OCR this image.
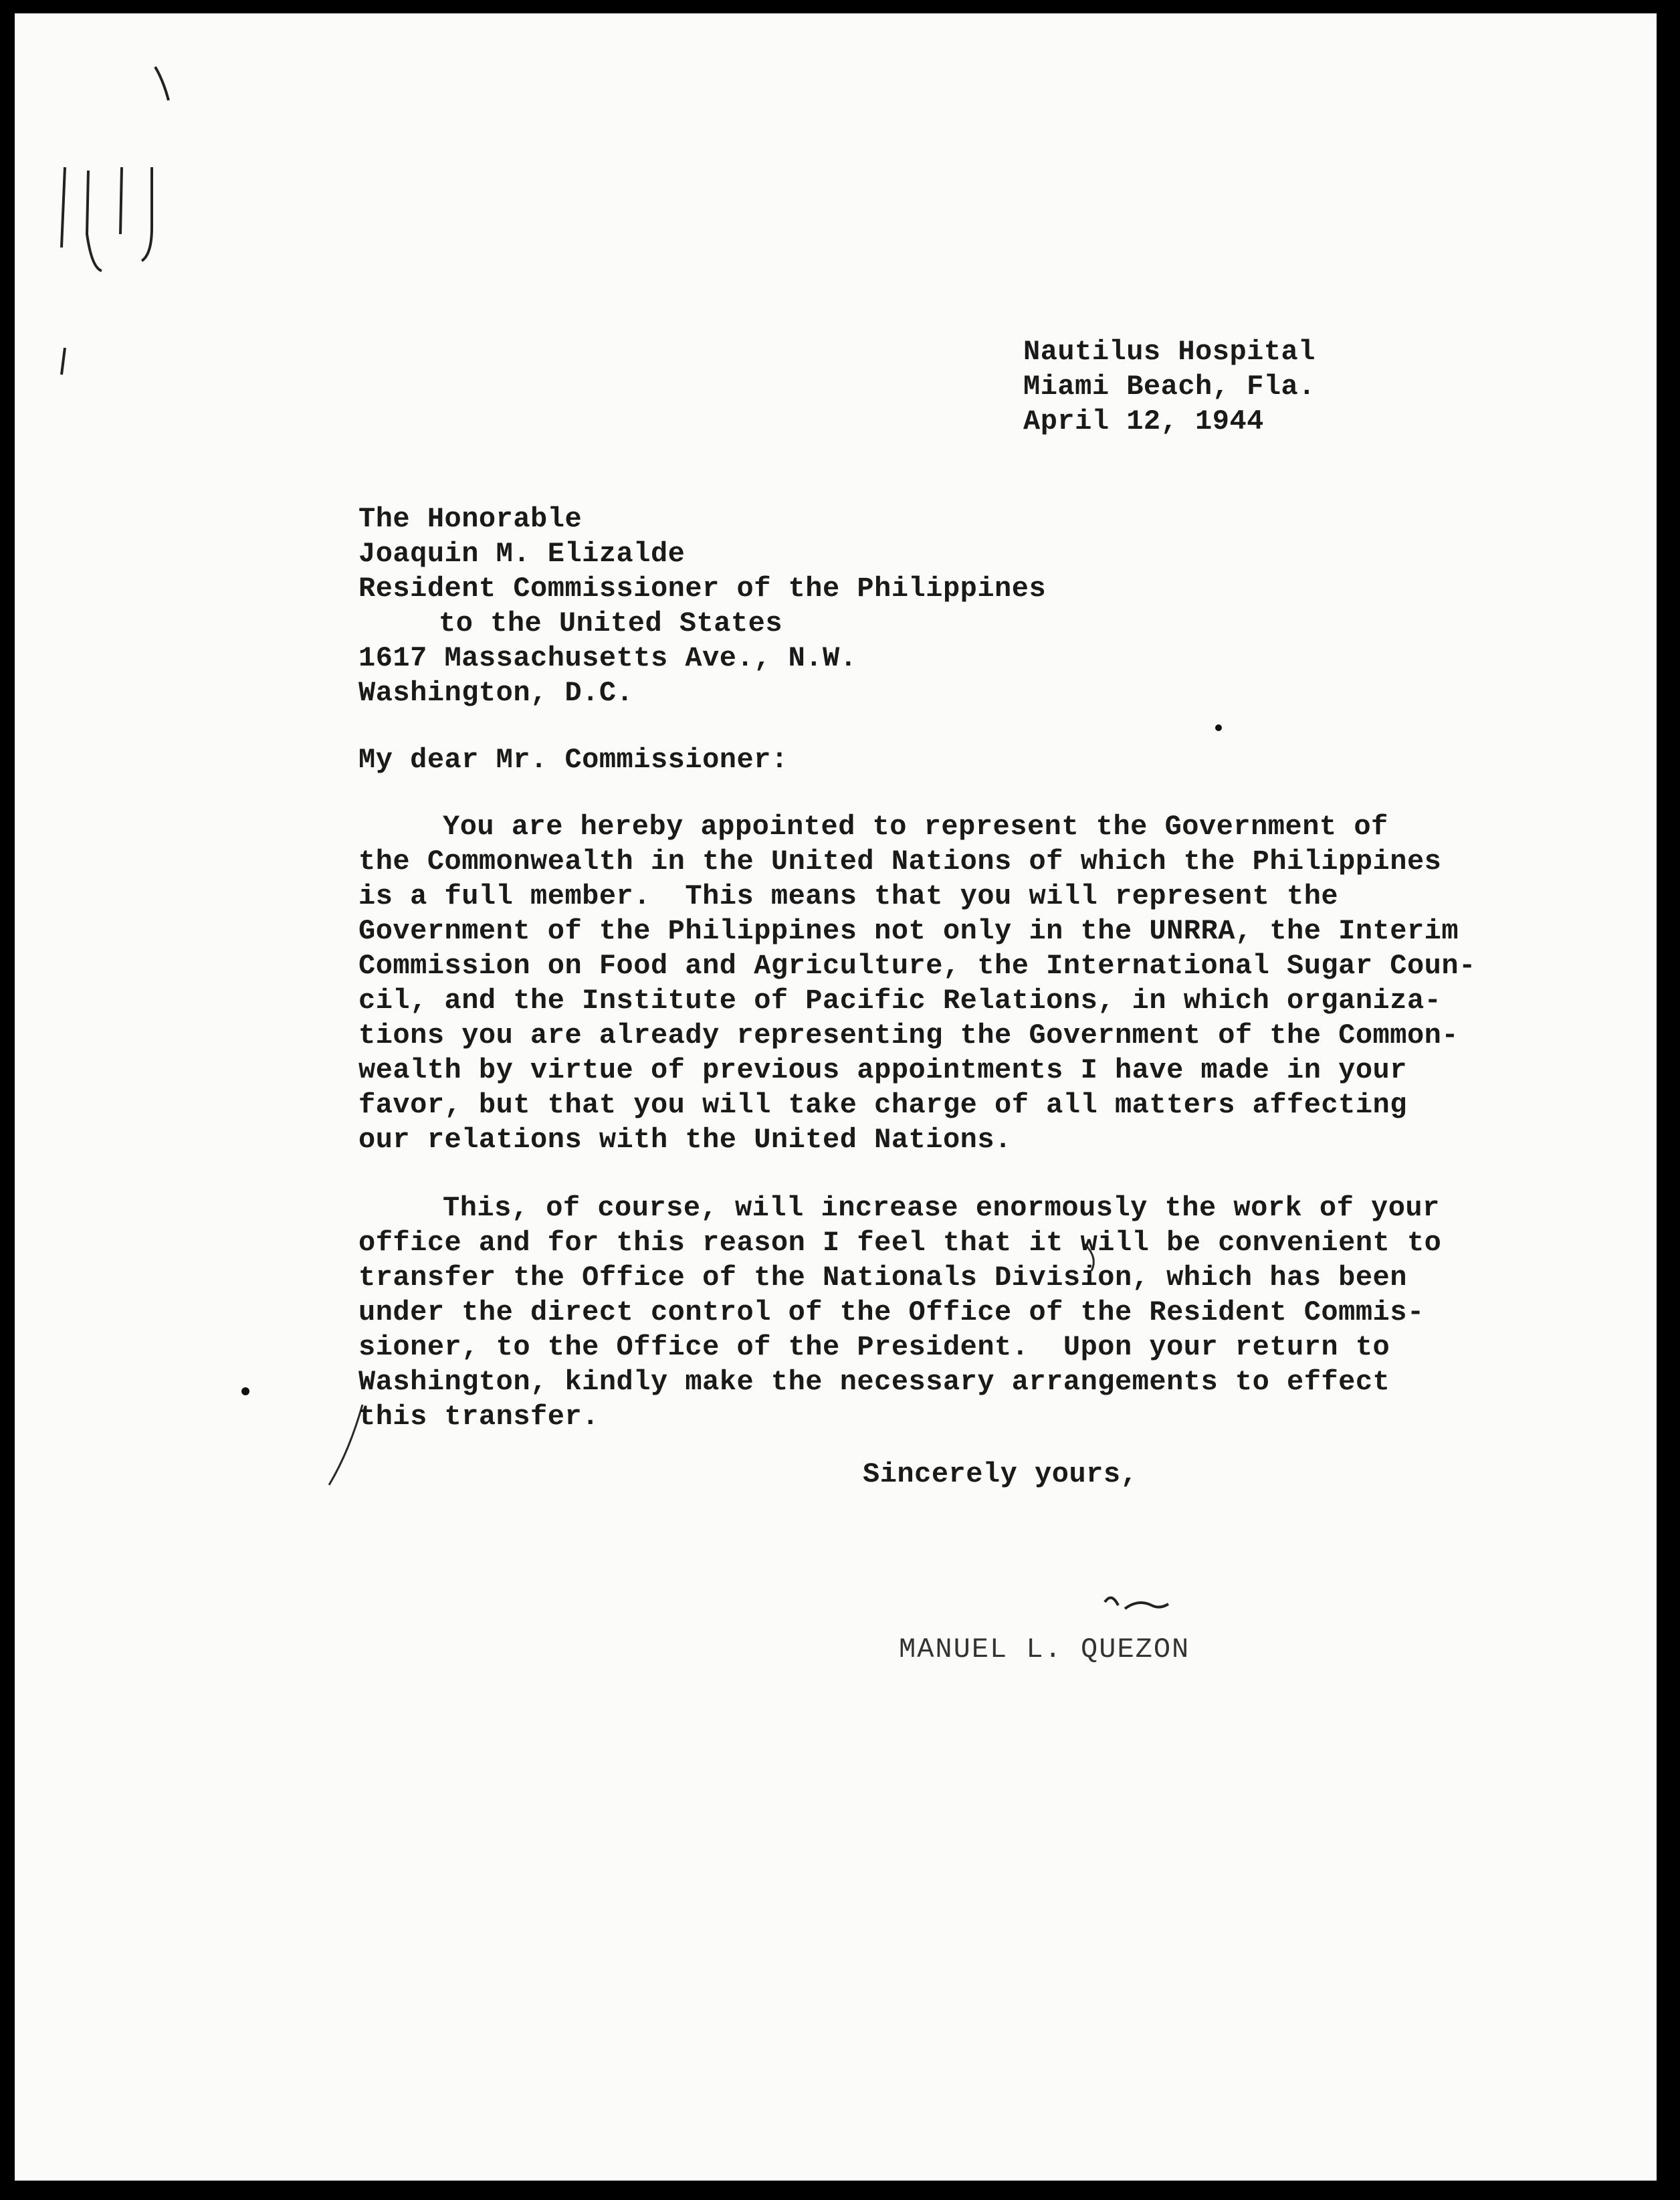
Nautilus Hospital
Miami Beach, Fla.
April 12, 1944
The Honorable
Joaquin M. Elizalde
Resident Commissioner of the Philippines
to the United States
1617 Massachusetts Ave., N.W.
Washington, D.C.
My dear Mr. Commissioner:
You are hereby appointed to represent the Government of
the Commonwealth in the United Nations of which the Philippines
is a full member.  This means that you will represent the
Government of the Philippines not only in the UNRRA, the Interim
Commission on Food and Agriculture, the International Sugar Coun-
cil, and the Institute of Pacific Relations, in which organiza-
tions you are already representing the Government of the Common-
wealth by virtue of previous appointments I have made in your
favor, but that you will take charge of all matters affecting
our relations with the United Nations.
This, of course, will increase enormously the work of your
office and for this reason I feel that it will be convenient to
transfer the Office of the Nationals Division, which has been
under the direct control of the Office of the Resident Commis-
sioner, to the Office of the President.  Upon your return to
Washington, kindly make the necessary arrangements to effect
this transfer.
Sincerely yours,
MANUEL L. QUEZON
